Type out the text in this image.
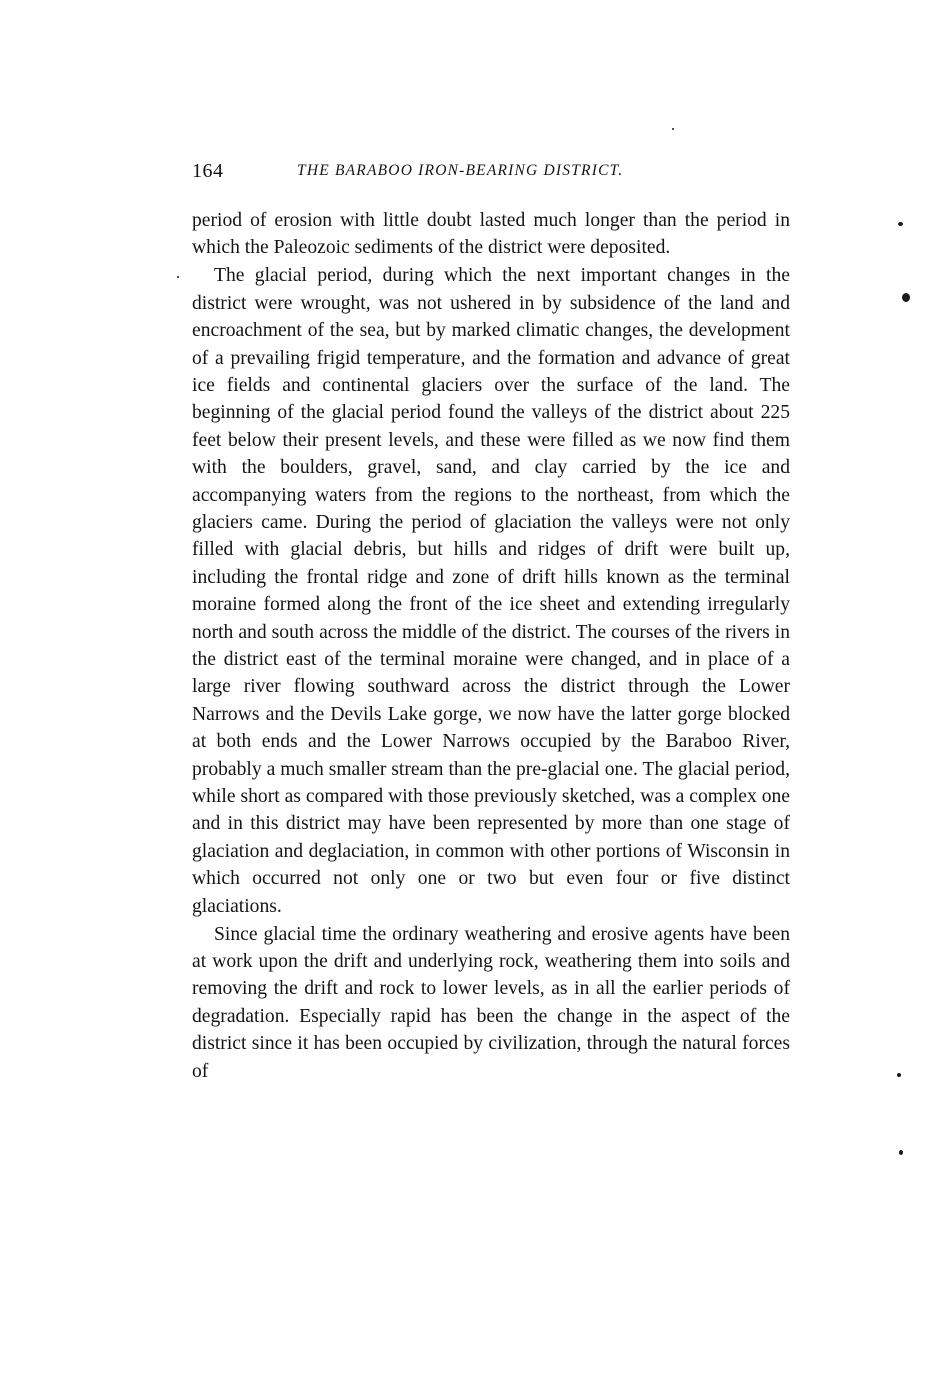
164	THE BARABOO IRON-BEARING DISTRICT.

period of erosion with little doubt lasted much longer than the period in which the Paleozoic sediments of the district were deposited.

The glacial period, during which the next important changes in the district were wrought, was not ushered in by subsidence of the land and encroachment of the sea, but by marked climatic changes, the development of a prevailing frigid temperature, and the formation and advance of great ice fields and continental glaciers over the surface of the land. The beginning of the glacial period found the valleys of the district about 225 feet below their present levels, and these were filled as we now find them with the boulders, gravel, sand, and clay carried by the ice and accompanying waters from the regions to the northeast, from which the glaciers came. During the period of glaciation the valleys were not only filled with glacial debris, but hills and ridges of drift were built up, including the frontal ridge and zone of drift hills known as the terminal moraine formed along the front of the ice sheet and extending irregularly north and south across the middle of the district. The courses of the rivers in the district east of the terminal moraine were changed, and in place of a large river flowing southward across the district through the Lower Narrows and the Devils Lake gorge, we now have the latter gorge blocked at both ends and the Lower Narrows occupied by the Baraboo River, probably a much smaller stream than the pre-glacial one. The glacial period, while short as compared with those previously sketched, was a complex one and in this district may have been represented by more than one stage of glaciation and deglaciation, in common with other portions of Wisconsin in which occurred not only one or two but even four or five distinct glaciations.

Since glacial time the ordinary weathering and erosive agents have been at work upon the drift and underlying rock, weathering them into soils and removing the drift and rock to lower levels, as in all the earlier periods of degradation. Especially rapid has been the change in the aspect of the district since it has been occupied by civilization, through the natural forces of
